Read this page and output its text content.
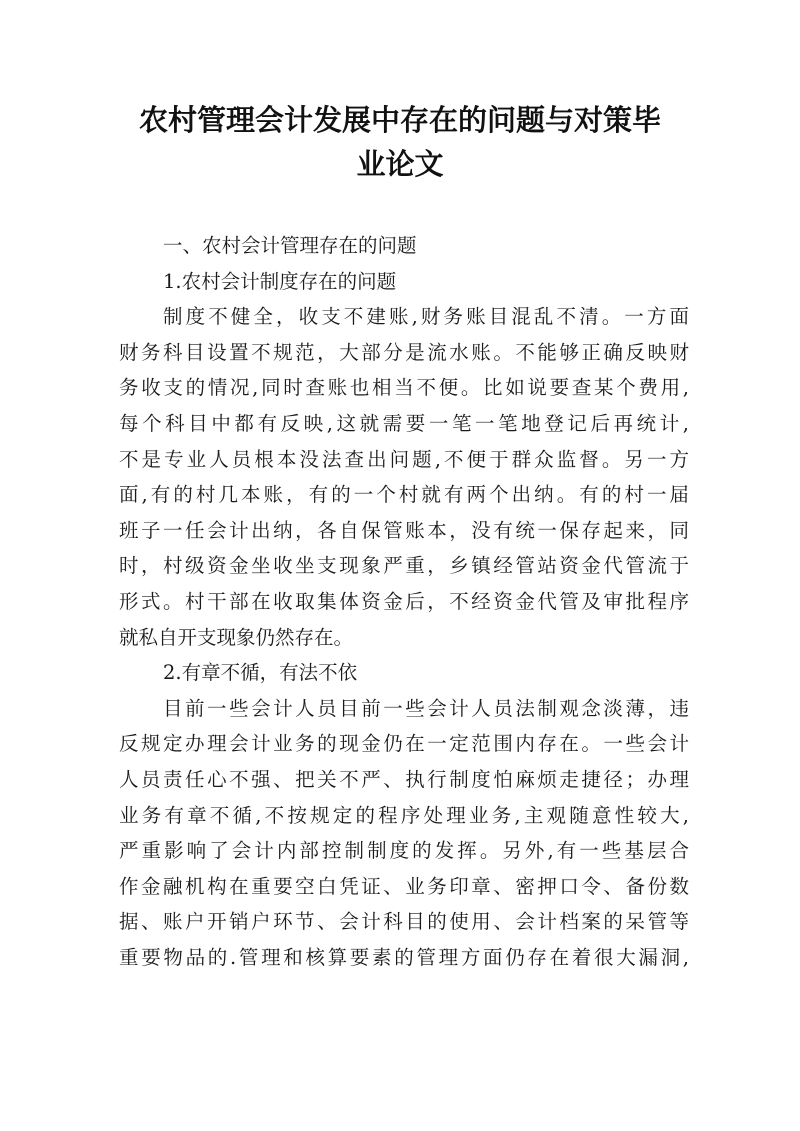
农村管理会计发展中存在的问题与对策毕
业论文
一、农村会计管理存在的问题
1.农村会计制度存在的问题
制度不健全，收支不建账,财务账目混乱不清。一方面
财务科目设置不规范，大部分是流水账。不能够正确反映财
务收支的情况,同时查账也相当不便。比如说要查某个费用,
每个科目中都有反映,这就需要一笔一笔地登记后再统计,
不是专业人员根本没法查出问题,不便于群众监督。另一方
面,有的村几本账，有的一个村就有两个出纳。有的村一届
班子一任会计出纳，各自保管账本，没有统一保存起来，同
时，村级资金坐收坐支现象严重，乡镇经管站资金代管流于
形式。村干部在收取集体资金后，不经资金代管及审批程序
就私自开支现象仍然存在。
2.有章不循，有法不依
目前一些会计人员目前一些会计人员法制观念淡薄，违
反规定办理会计业务的现金仍在一定范围内存在。一些会计
人员责任心不强、把关不严、执行制度怕麻烦走捷径；办理
业务有章不循,不按规定的程序处理业务,主观随意性较大,
严重影响了会计内部控制制度的发挥。另外,有一些基层合
作金融机构在重要空白凭证、业务印章、密押口令、备份数
据、账户开销户环节、会计科目的使用、会计档案的呆管等
重要物品的.管理和核算要素的管理方面仍存在着很大漏洞,
